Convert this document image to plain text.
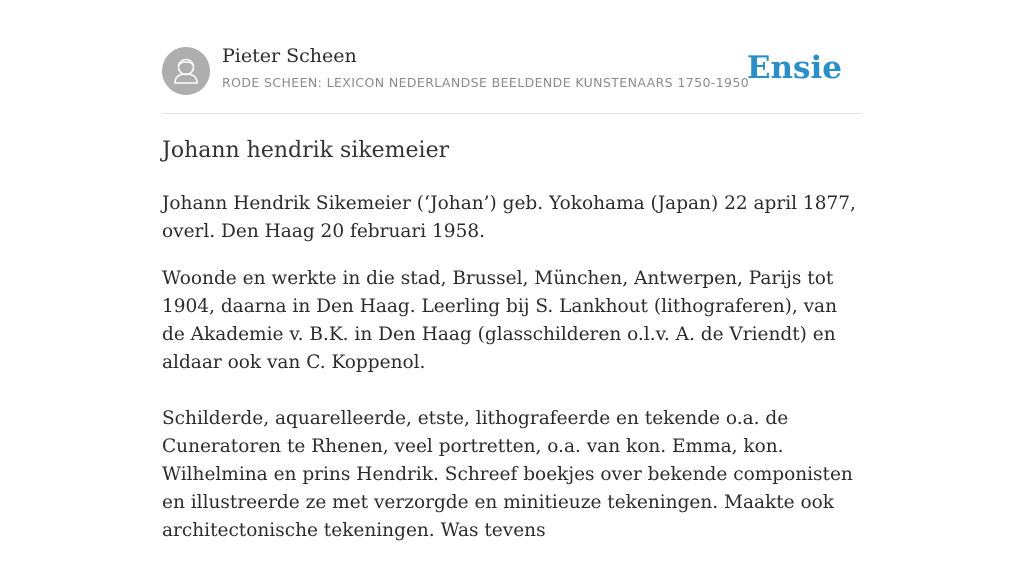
Pieter Scheen
RODE SCHEEN: LEXICON NEDERLANDSE BEELDENDE KUNSTENAARS 1750-1950
Ensie
Johann hendrik sikemeier

Johann Hendrik Sikemeier (‘Johan’) geb. Yokohama (Japan) 22 april 1877, overl. Den Haag 20 februari 1958.

Woonde en werkte in die stad, Brussel, München, Antwerpen, Parijs tot 1904, daarna in Den Haag. Leerling bij S. Lankhout (lithograferen), van de Akademie v. B.K. in Den Haag (glasschilderen o.l.v. A. de Vriendt) en aldaar ook van C. Koppenol.

Schilderde, aquarelleerde, etste, lithografeerde en tekende o.a. de Cuneratoren te Rhenen, veel portretten, o.a. van kon. Emma, kon. Wilhelmina en prins Hendrik. Schreef boekjes over bekende componisten en illustreerde ze met verzorgde en minitieuze tekeningen. Maakte ook architectonische tekeningen. Was tevens
